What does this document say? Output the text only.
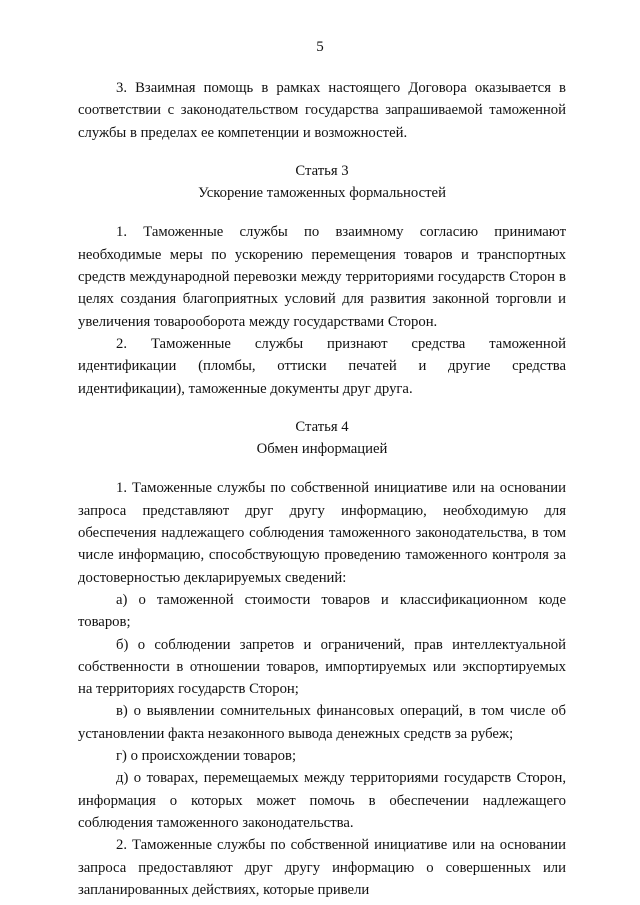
5

3. Взаимная помощь в рамках настоящего Договора оказывается в соответствии с законодательством государства запрашиваемой таможенной службы в пределах ее компетенции и возможностей.

Статья 3

Ускорение таможенных формальностей

1. Таможенные службы по взаимному согласию принимают необходимые меры по ускорению перемещения товаров и транспортных средств международной перевозки между территориями государств Сторон в целях создания благоприятных условий для развития законной торговли и увеличения товарооборота между государствами Сторон.

2. Таможенные службы признают средства таможенной идентификации (пломбы, оттиски печатей и другие средства идентификации), таможенные документы друг друга.

Статья 4

Обмен информацией

1. Таможенные службы по собственной инициативе или на основании запроса представляют друг другу информацию, необходимую для обеспечения надлежащего соблюдения таможенного законодательства, в том числе информацию, способствующую проведению таможенного контроля за достоверностью декларируемых сведений:

а) о таможенной стоимости товаров и классификационном коде товаров;

б) о соблюдении запретов и ограничений, прав интеллектуальной собственности в отношении товаров, импортируемых или экспортируемых на территориях государств Сторон;

в) о выявлении сомнительных финансовых операций, в том числе об установлении факта незаконного вывода денежных средств за рубеж;

г) о происхождении товаров;

д) о товарах, перемещаемых между территориями государств Сторон, информация о которых может помочь в обеспечении надлежащего соблюдения таможенного законодательства.

2. Таможенные службы по собственной инициативе или на основании запроса предоставляют друг другу информацию о совершенных или запланированных действиях, которые привели
